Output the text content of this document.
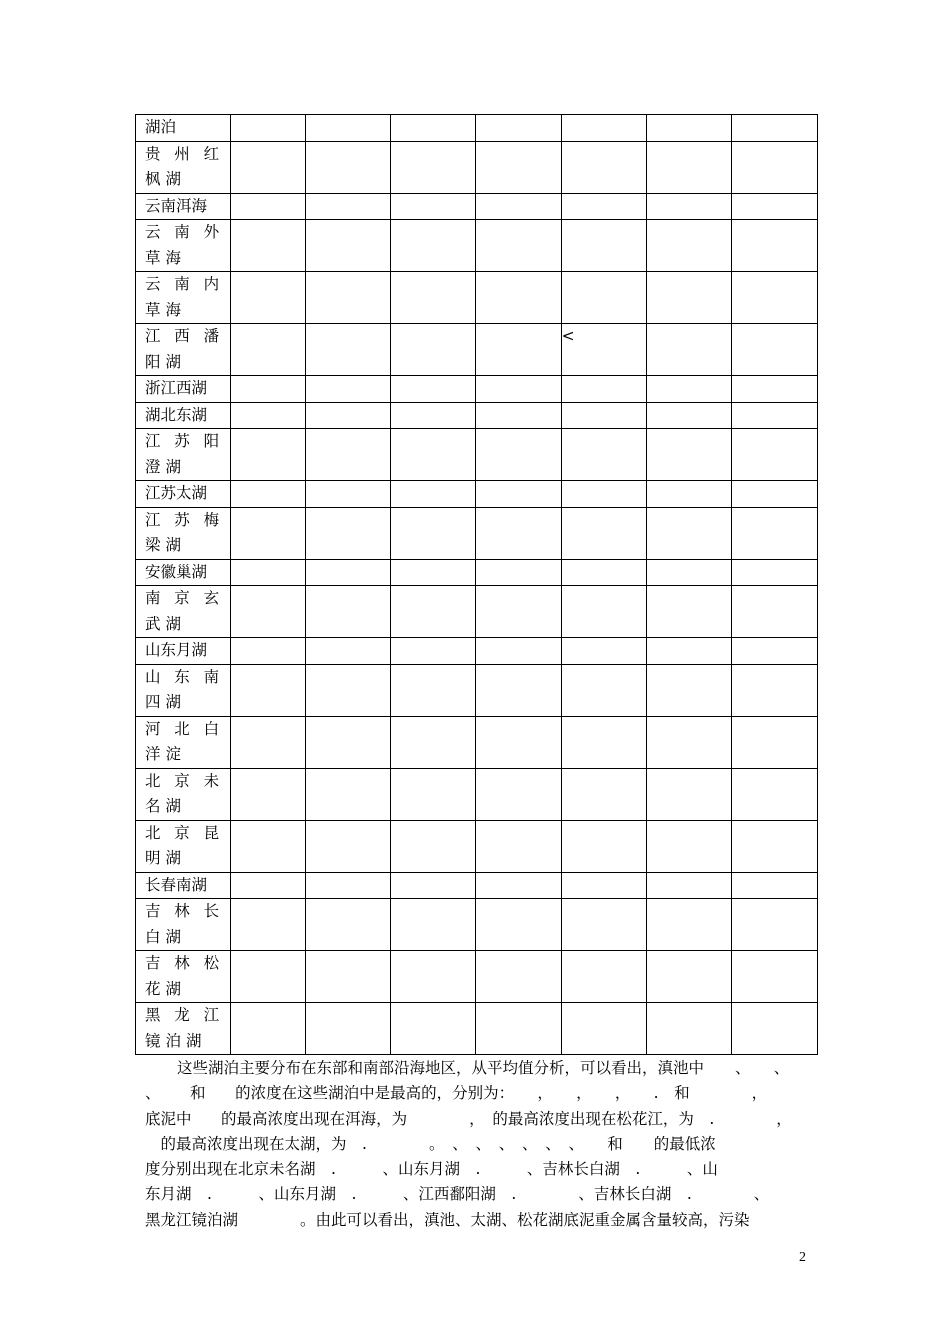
湖泊							

贵州红枫湖							

云南洱海							

云南外草海							

云南内草海							

江西潘阳湖					<		

浙江西湖							

湖北东湖							

江苏阳澄湖							

江苏太湖							

江苏梅梁湖							

安徽巢湖							

南京玄武湖							

山东月湖							

山东南四湖							

河北白洋淀							

北京未名湖							

北京昆明湖							

长春南湖							

吉林长白湖							

吉林松花湖							

黑龙江镜泊湖							

这些湖泊主要分布在东部和南部沿海地区，从平均值分析，可以看出，滇池中　　、　　、
、      和      的浓度在这些湖泊中是最高的，分别为：　　，　　，　　，　　.　和　　　　，
底泥中      的最高浓度出现在洱海，为　　　　，　的最高浓度出现在松花江，为　.　　　　，
　的最高浓度出现在太湖，为　.　　　　。　、　、　、　、　、　、　　和　　的最低浓
度分别出现在北京未名湖　.　　　、山东月湖　.　　　、吉林长白湖　.　　　、山
东月湖　.　　　、山东月湖　.　　　、江西鄱阳湖　.　　　　、吉林长白湖　.　　　　、
黑龙江镜泊湖　　　　。由此可以看出，滇池、太湖、松花湖底泥重金属含量较高，污染
2
